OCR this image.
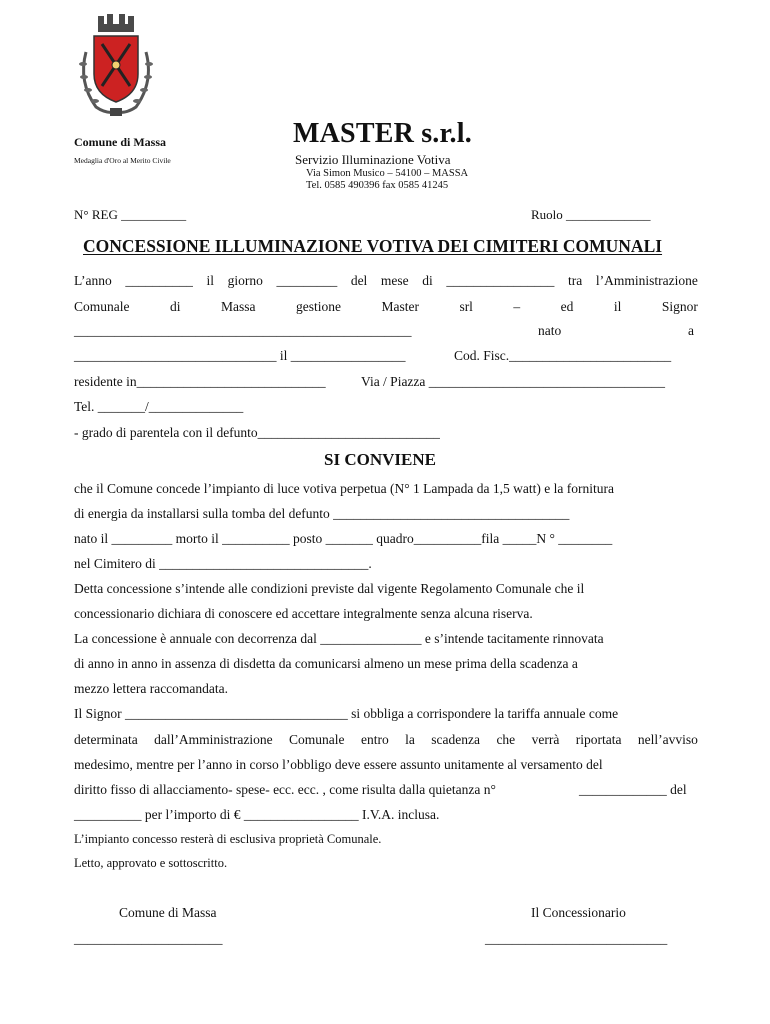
Comune di Massa
Medaglia d'Oro al Merito Civile
MASTER s.r.l.
Servizio Illuminazione Votiva
Via Simon Musico – 54100 – MASSA
Tel. 0585 490396 fax 0585 41245
N° REG __________	Ruolo _____________
CONCESSIONE ILLUMINAZIONE VOTIVA DEI CIMITERI COMUNALI
L’anno __________ il giorno _________ del mese di ________________ tra l’Amministrazione
Comunale	di	Massa	gestione	Master	srl	–	ed	il	Signor
__________________________________________________	nato	a
______________________________ il _________________	Cod. Fisc.________________________
residente in____________________________	Via / Piazza ___________________________________
Tel. _______/______________
- grado di parentela con il defunto___________________________
SI CONVIENE
che il Comune concede l’impianto di luce votiva perpetua (N° 1 Lampada da 1,5 watt) e la fornitura
di energia da installarsi sulla tomba del defunto ___________________________________
nato il _________ morto il __________ posto _______ quadro__________fila _____N ° ________
nel Cimitero di _______________________________.
Detta concessione s’intende alle condizioni previste dal vigente Regolamento Comunale che il
concessionario dichiara di conoscere ed accettare integralmente senza alcuna riserva.
La concessione è annuale con decorrenza dal _______________ e s’intende tacitamente rinnovata
di anno in anno in assenza di disdetta da comunicarsi almeno un mese prima della scadenza a
mezzo lettera raccomandata.
Il Signor _________________________________ si obbliga a corrispondere la tariffa annuale come
determinata dall’Amministrazione Comunale entro la scadenza che verrà riportata nell’avviso
medesimo, mentre per l’anno in corso l’obbligo deve essere assunto unitamente al versamento del
diritto fisso di allacciamento- spese- ecc. ecc. , come risulta dalla quietanza n°	_____________ del
__________ per l’importo di € _________________ I.V.A. inclusa.
L’impianto concesso resterà di esclusiva proprietà Comunale.
Letto, approvato e sottoscritto.
Comune di Massa	Il Concessionario
______________________	___________________________
